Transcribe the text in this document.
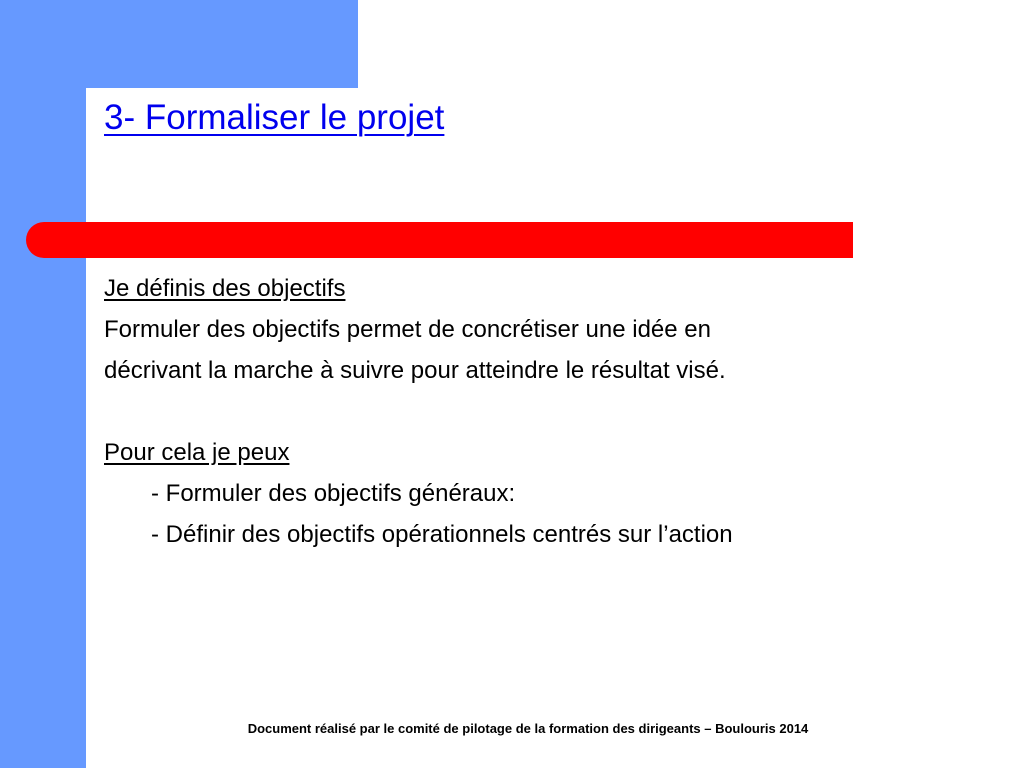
3- Formaliser le projet

Je définis des objectifs

Formuler des objectifs permet de concrétiser une idée en

décrivant la marche à suivre pour atteindre le résultat visé.

Pour cela je peux

- Formuler des objectifs généraux:

- Définir des objectifs opérationnels centrés sur l’action

Document réalisé par le comité de pilotage de la formation des dirigeants – Boulouris 2014
